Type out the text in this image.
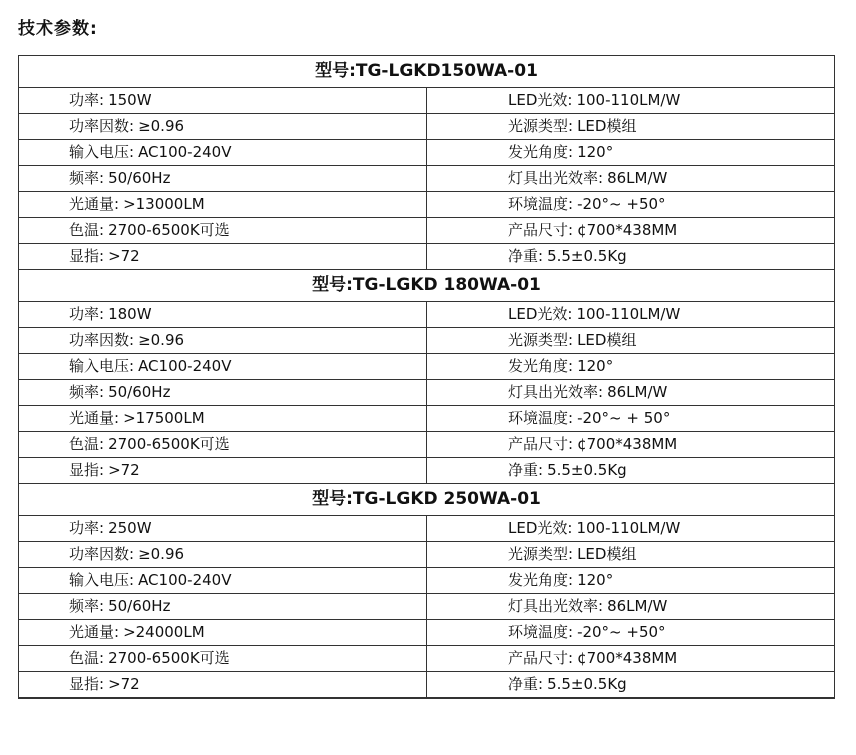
技术参数:
型号:TG-LGKD150WA-01	
功率: 150W	LED光效: 100-110LM/W
功率因数: ≥0.96	光源类型: LED模组
输入电压: AC100-240V	发光角度: 120°
频率: 50/60Hz	灯具出光效率: 86LM/W
光通量: >13000LM	环境温度: -20°~ +50°
色温: 2700-6500K可选	产品尺寸: ¢700*438MM
显指: >72	净重: 5.5±0.5Kg
型号:TG-LGKD 180WA-01	
功率: 180W	LED光效: 100-110LM/W
功率因数: ≥0.96	光源类型: LED模组
输入电压: AC100-240V	发光角度: 120°
频率: 50/60Hz	灯具出光效率: 86LM/W
光通量: >17500LM	环境温度: -20°~ + 50°
色温: 2700-6500K可选	产品尺寸: ¢700*438MM
显指: >72	净重: 5.5±0.5Kg
型号:TG-LGKD 250WA-01	
功率: 250W	LED光效: 100-110LM/W
功率因数: ≥0.96	光源类型: LED模组
输入电压: AC100-240V	发光角度: 120°
频率: 50/60Hz	灯具出光效率: 86LM/W
光通量: >24000LM	环境温度: -20°~ +50°
色温: 2700-6500K可选	产品尺寸: ¢700*438MM
显指: >72	净重: 5.5±0.5Kg
